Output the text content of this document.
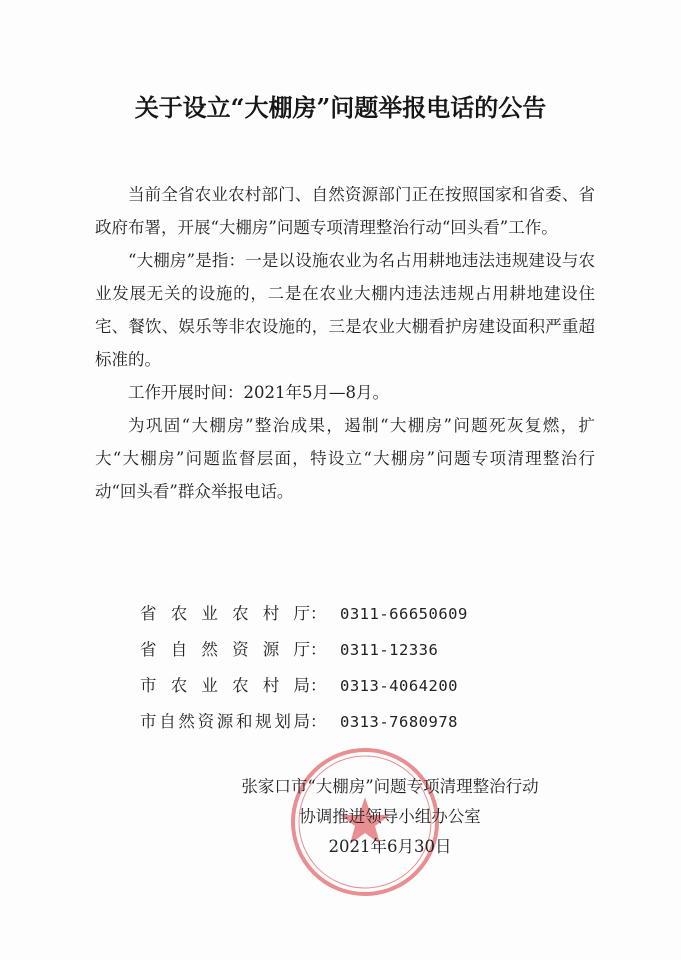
关于设立“大棚房”问题举报电话的公告

当前全省农业农村部门、自然资源部门正在按照国家和省委、省政府布署，开展“大棚房”问题专项清理整治行动“回头看”工作。

“大棚房”是指：一是以设施农业为名占用耕地违法违规建设与农业发展无关的设施的，二是在农业大棚内违法违规占用耕地建设住宅、餐饮、娱乐等非农设施的，三是农业大棚看护房建设面积严重超标准的。

工作开展时间：2021年5月—8月。

为巩固“大棚房”整治成果，遏制“大棚房”问题死灰复燃，扩大“大棚房”问题监督层面，特设立“大棚房”问题专项清理整治行动“回头看”群众举报电话。

省农业农村厅 ： 0311-66650609
省自然资源厅 ： 0311-12336
市农业农村局 ： 0313-4064200
市自然资源和规划局 ： 0313-7680978
张家口市“大棚房”问题专项清理整治行动
协调推进领导小组办公室
2021年6月30日
